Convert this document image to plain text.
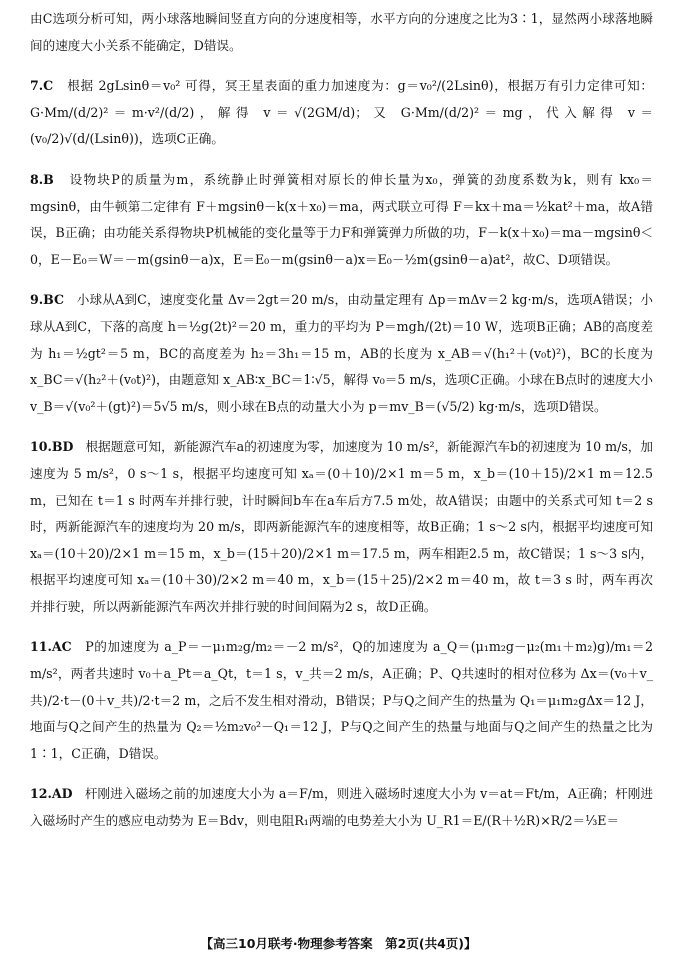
由C选项分析可知，两小球落地瞬间竖直方向的分速度相等，水平方向的分速度之比为3∶1，显然两小球落地瞬间的速度大小关系不能确定，D错误。

7.C 根据 2gLsinθ＝v₀² 可得，冥王星表面的重力加速度为：g＝v₀²/(2Lsinθ)，根据万有引力定律可知：G·Mm/(d/2)²＝m·v²/(d/2)，解得 v＝√(2GM/d)；又 G·Mm/(d/2)²＝mg，代入解得 v＝(v₀/2)√(d/(Lsinθ))，选项C正确。

8.B 设物块P的质量为m，系统静止时弹簧相对原长的伸长量为x₀，弹簧的劲度系数为k，则有 kx₀＝mgsinθ，由牛顿第二定律有 F＋mgsinθ－k(x＋x₀)＝ma，两式联立可得 F＝kx＋ma＝½kat²＋ma，故A错误，B正确；由功能关系得物块P机械能的变化量等于力F和弹簧弹力所做的功，F－k(x＋x₀)＝ma－mgsinθ＜0，E－E₀＝W＝－m(gsinθ－a)x，E＝E₀－m(gsinθ－a)x＝E₀－½m(gsinθ－a)at²，故C、D项错误。

9.BC 小球从A到C，速度变化量 Δv＝2gt＝20 m/s，由动量定理有 Δp＝mΔv＝2 kg·m/s，选项A错误；小球从A到C，下落的高度 h＝½g(2t)²＝20 m，重力的平均为 P＝mgh/(2t)＝10 W，选项B正确；AB的高度差为 h₁＝½gt²＝5 m，BC的高度差为 h₂＝3h₁＝15 m，AB的长度为 x_AB＝√(h₁²＋(v₀t)²)，BC的长度为 x_BC＝√(h₂²＋(v₀t)²)，由题意知 x_AB∶x_BC＝1∶√5，解得 v₀＝5 m/s，选项C正确。小球在B点时的速度大小 v_B＝√(v₀²＋(gt)²)＝5√5 m/s，则小球在B点的动量大小为 p＝mv_B＝(√5/2) kg·m/s，选项D错误。

10.BD 根据题意可知，新能源汽车a的初速度为零，加速度为 10 m/s²，新能源汽车b的初速度为 10 m/s，加速度为 5 m/s²，0 s～1 s，根据平均速度可知 xₐ＝(0＋10)/2×1 m＝5 m，x_b＝(10＋15)/2×1 m＝12.5 m，已知在 t＝1 s 时两车并排行驶，计时瞬间b车在a车后方7.5 m处，故A错误；由题中的关系式可知 t＝2 s 时，两新能源汽车的速度均为 20 m/s，即两新能源汽车的速度相等，故B正确；1 s～2 s内，根据平均速度可知 xₐ＝(10＋20)/2×1 m＝15 m，x_b＝(15＋20)/2×1 m＝17.5 m，两车相距2.5 m，故C错误；1 s～3 s内，根据平均速度可知 xₐ＝(10＋30)/2×2 m＝40 m，x_b＝(15＋25)/2×2 m＝40 m，故 t＝3 s 时，两车再次并排行驶，所以两新能源汽车两次并排行驶的时间间隔为2 s，故D正确。

11.AC P的加速度为 a_P＝－μ₁m₂g/m₂＝－2 m/s²，Q的加速度为 a_Q＝(μ₁m₂g－μ₂(m₁＋m₂)g)/m₁＝2 m/s²，两者共速时 v₀＋a_Pt＝a_Qt，t＝1 s，v_共＝2 m/s，A正确；P、Q共速时的相对位移为 Δx＝(v₀＋v_共)/2·t－(0＋v_共)/2·t＝2 m，之后不发生相对滑动，B错误；P与Q之间产生的热量为 Q₁＝μ₁m₂gΔx＝12 J，地面与Q之间产生的热量为 Q₂＝½m₂v₀²－Q₁＝12 J，P与Q之间产生的热量与地面与Q之间产生的热量之比为1∶1，C正确，D错误。

12.AD 杆刚进入磁场之前的加速度大小为 a＝F/m，则进入磁场时速度大小为 v＝at＝Ft/m，A正确；杆刚进入磁场时产生的感应电动势为 E＝Bdv，则电阻R₁两端的电势差大小为 U_R1＝E/(R＋½R)×R/2＝⅓E＝

【高三10月联考·物理参考答案　第2页(共4页)】
